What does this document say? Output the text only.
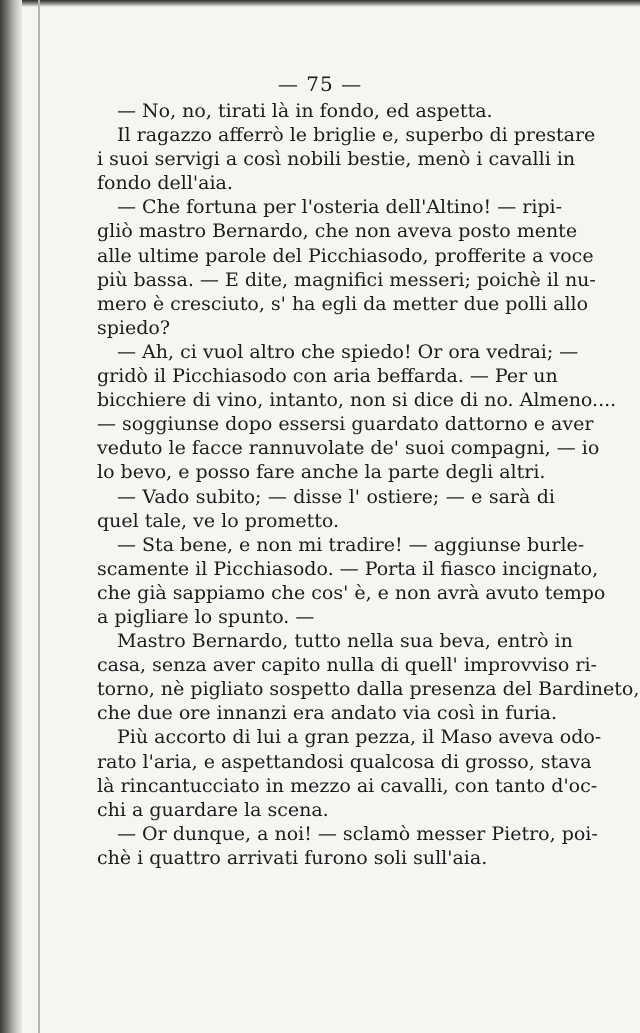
— 75 —
— No, no, tirati là in fondo, ed aspetta.
Il ragazzo afferrò le briglie e, superbo di prestare
i suoi servigi a così nobili bestie, menò i cavalli in
fondo dell'aia.
— Che fortuna per l'osteria dell'Altino! — ripi-
gliò mastro Bernardo, che non aveva posto mente
alle ultime parole del Picchiasodo, profferite a voce
più bassa. — E dite, magnifici messeri; poichè il nu-
mero è cresciuto, s' ha egli da metter due polli allo
spiedo?
— Ah, ci vuol altro che spiedo! Or ora vedrai; —
gridò il Picchiasodo con aria beffarda. — Per un
bicchiere di vino, intanto, non si dice di no. Almeno....
— soggiunse dopo essersi guardato dattorno e aver
veduto le facce rannuvolate de' suoi compagni, — io
lo bevo, e posso fare anche la parte degli altri.
— Vado subito; — disse l' ostiere; — e sarà di
quel tale, ve lo prometto.
— Sta bene, e non mi tradire! — aggiunse burle-
scamente il Picchiasodo. — Porta il fiasco incignato,
che già sappiamo che cos' è, e non avrà avuto tempo
a pigliare lo spunto. —
Mastro Bernardo, tutto nella sua beva, entrò in
casa, senza aver capito nulla di quell' improvviso ri-
torno, nè pigliato sospetto dalla presenza del Bardineto,
che due ore innanzi era andato via così in furia.
Più accorto di lui a gran pezza, il Maso aveva odo-
rato l'aria, e aspettandosi qualcosa di grosso, stava
là rincantucciato in mezzo ai cavalli, con tanto d'oc-
chi a guardare la scena.
— Or dunque, a noi! — sclamò messer Pietro, poi-
chè i quattro arrivati furono soli sull'aia.
